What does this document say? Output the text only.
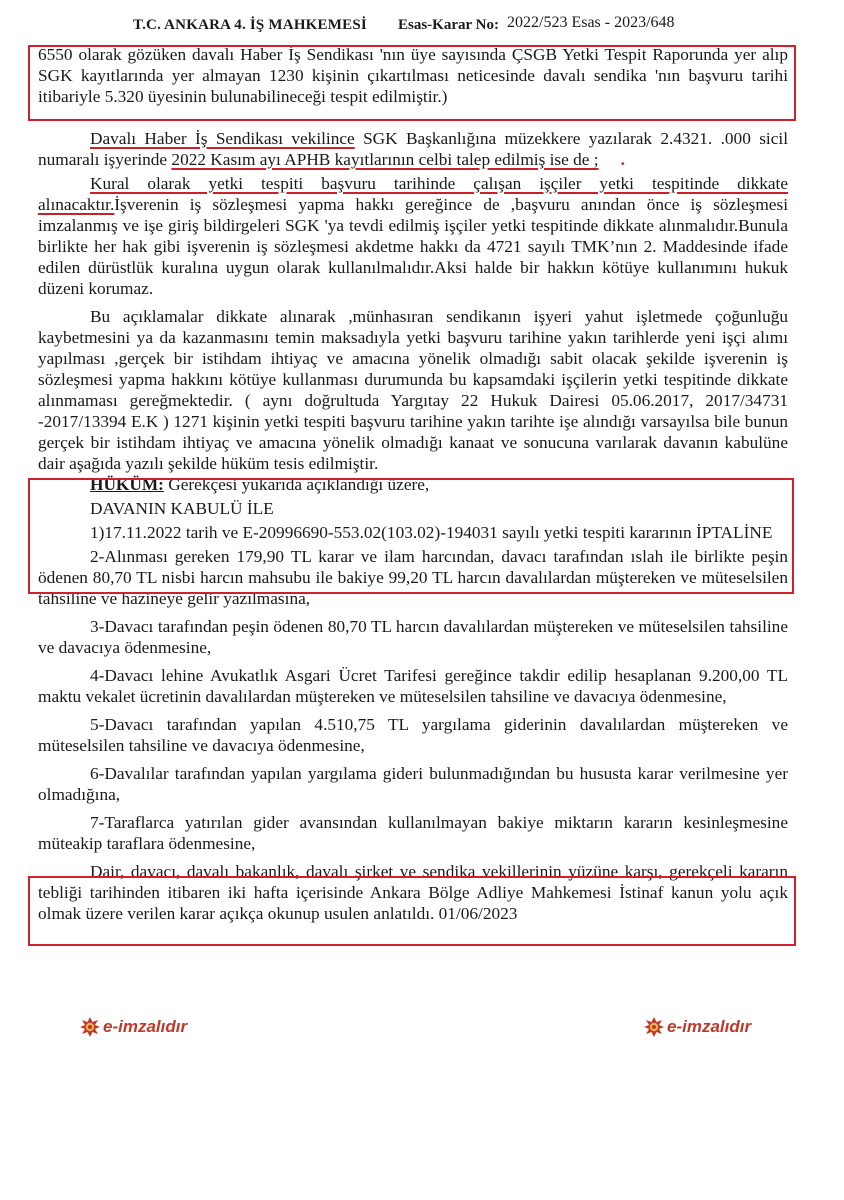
T.C. ANKARA 4. İŞ MAHKEMESİ Esas-Karar No: 2022/523 Esas - 2023/648

6550 olarak gözüken davalı Haber İş Sendikası 'nın üye sayısında ÇSGB Yetki Tespit Raporunda yer alıp SGK kayıtlarında yer almayan 1230 kişinin çıkartılması neticesinde davalı sendika 'nın başvuru tarihi itibariyle 5.320 üyesinin bulunabilineceği tespit edilmiştir.)

Davalı Haber İş Sendikası vekilince SGK Başkanlığına müzekkere yazılarak 2.4321. .000 sicil numaralı işyerinde 2022 Kasım ayı APHB kayıtlarının celbi talep edilmiş ise de ; .

Kural olarak yetki tespiti başvuru tarihinde çalışan işçiler yetki tespitinde dikkate alınacaktır.İşverenin iş sözleşmesi yapma hakkı gereğince de ,başvuru anından önce iş sözleşmesi imzalanmış ve işe giriş bildirgeleri SGK 'ya tevdi edilmiş işçiler yetki tespitinde dikkate alınmalıdır.Bunula birlikte her hak gibi işverenin iş sözleşmesi akdetme hakkı da 4721 sayılı TMK’nın 2. Maddesinde ifade edilen dürüstlük kuralına uygun olarak kullanılmalıdır.Aksi halde bir hakkın kötüye kullanımını hukuk düzeni korumaz.

Bu açıklamalar dikkate alınarak ,münhasıran sendikanın işyeri yahut işletmede çoğunluğu kaybetmesini ya da kazanmasını temin maksadıyla yetki başvuru tarihine yakın tarihlerde yeni işçi alımı yapılması ,gerçek bir istihdam ihtiyaç ve amacına yönelik olmadığı sabit olacak şekilde işverenin iş sözleşmesi yapma hakkını kötüye kullanması durumunda bu kapsamdaki işçilerin yetki tespitinde dikkate alınmaması gereğmektedir. ( aynı doğrultuda Yargıtay 22 Hukuk Dairesi 05.06.2017, 2017/34731 -2017/13394 E.K ) 1271 kişinin yetki tespiti başvuru tarihine yakın tarihte işe alındığı varsayılsa bile bunun gerçek bir istihdam ihtiyaç ve amacına yönelik olmadığı kanaat ve sonucuna varılarak davanın kabulüne dair aşağıda yazılı şekilde hüküm tesis edilmiştir.

HÜKÜM: Gerekçesi yukarıda açıklandığı üzere,

DAVANIN KABULÜ İLE

1)17.11.2022 tarih ve E-20996690-553.02(103.02)-194031 sayılı yetki tespiti kararının İPTALİNE

2-Alınması gereken 179,90 TL karar ve ilam harcından, davacı tarafından ıslah ile birlikte peşin ödenen 80,70 TL nisbi harcın mahsubu ile bakiye 99,20 TL harcın davalılardan müştereken ve müteselsilen tahsiline ve hazineye gelir yazılmasına,

3-Davacı tarafından peşin ödenen 80,70 TL harcın davalılardan müştereken ve müteselsilen tahsiline ve davacıya ödenmesine,

4-Davacı lehine Avukatlık Asgari Ücret Tarifesi gereğince takdir edilip hesaplanan 9.200,00 TL maktu vekalet ücretinin davalılardan müştereken ve müteselsilen tahsiline ve davacıya ödenmesine,

5-Davacı tarafından yapılan 4.510,75 TL yargılama giderinin davalılardan müştereken ve müteselsilen tahsiline ve davacıya ödenmesine,

6-Davalılar tarafından yapılan yargılama gideri bulunmadığından bu hususta karar verilmesine yer olmadığına,

7-Taraflarca yatırılan gider avansından kullanılmayan bakiye miktarın kararın kesinleşmesine müteakip taraflara ödenmesine,

Dair, davacı, davalı bakanlık, davalı şirket ve sendika vekillerinin yüzüne karşı, gerekçeli kararın tebliği tarihinden itibaren iki hafta içerisinde Ankara Bölge Adliye Mahkemesi İstinaf kanun yolu açık olmak üzere verilen karar açıkça okunup usulen anlatıldı. 01/06/2023

e-imzalıdır	e-imzalıdır
